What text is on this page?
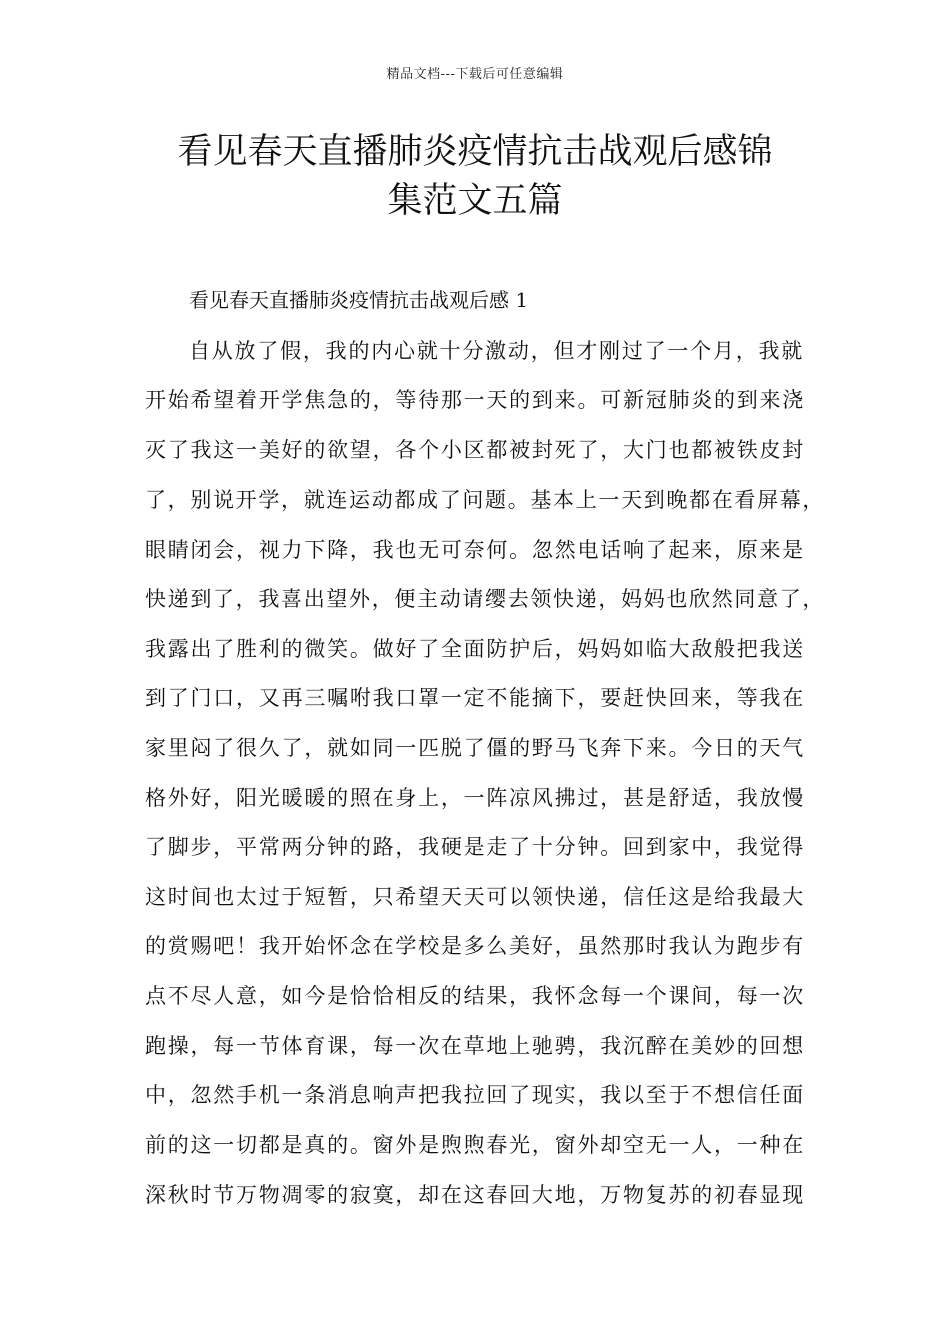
精品文档---下载后可任意编辑
看见春天直播肺炎疫情抗击战观后感锦
集范文五篇
看见春天直播肺炎疫情抗击战观后感 1
自从放了假，我的内心就十分激动，但才刚过了一个月，我就
开始希望着开学焦急的，等待那一天的到来。可新冠肺炎的到来浇
灭了我这一美好的欲望，各个小区都被封死了，大门也都被铁皮封
了，别说开学，就连运动都成了问题。基本上一天到晚都在看屏幕，
眼睛闭会，视力下降，我也无可奈何。忽然电话响了起来，原来是
快递到了，我喜出望外，便主动请缨去领快递，妈妈也欣然同意了，
我露出了胜利的微笑。做好了全面防护后，妈妈如临大敌般把我送
到了门口，又再三嘱咐我口罩一定不能摘下，要赶快回来，等我在
家里闷了很久了，就如同一匹脱了僵的野马飞奔下来。今日的天气
格外好，阳光暖暖的照在身上，一阵凉风拂过，甚是舒适，我放慢
了脚步，平常两分钟的路，我硬是走了十分钟。回到家中，我觉得
这时间也太过于短暂，只希望天天可以领快递，信任这是给我最大
的赏赐吧！我开始怀念在学校是多么美好，虽然那时我认为跑步有
点不尽人意，如今是恰恰相反的结果，我怀念每一个课间，每一次
跑操，每一节体育课，每一次在草地上驰骋，我沉醉在美妙的回想
中，忽然手机一条消息响声把我拉回了现实，我以至于不想信任面
前的这一切都是真的。窗外是煦煦春光，窗外却空无一人，一种在
深秋时节万物凋零的寂寞，却在这春回大地，万物复苏的初春显现
